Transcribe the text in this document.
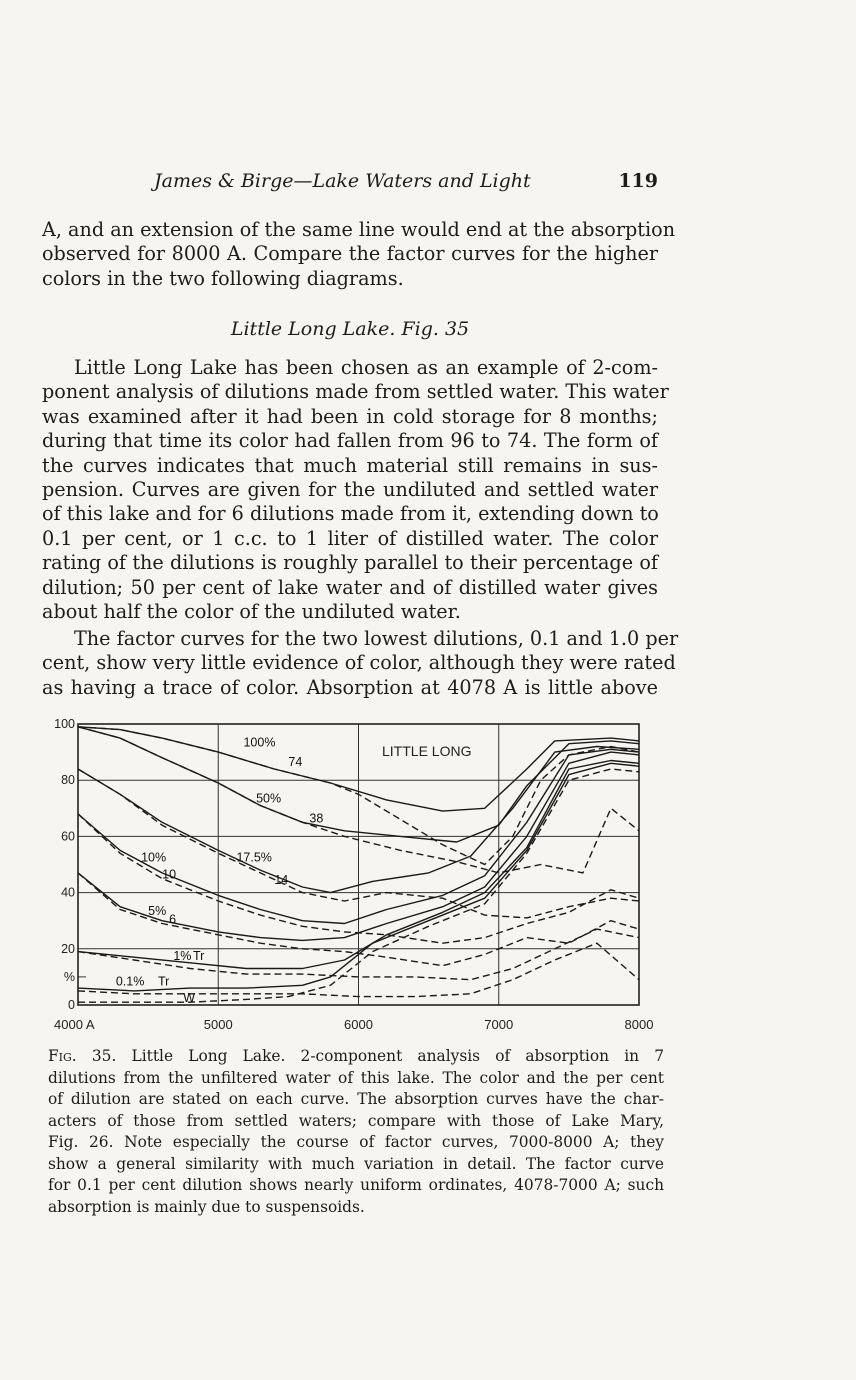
James & Birge—Lake Waters and Light	119

A, and an extension of the same line would end at the absorption
observed for 8000 A. Compare the factor curves for the higher
colors in the two following diagrams.

Little Long Lake. Fig. 35

Little Long Lake has been chosen as an example of 2-com-
ponent analysis of dilutions made from settled water. This water
was examined after it had been in cold storage for 8 months;
during that time its color had fallen from 96 to 74. The form of
the curves indicates that much material still remains in sus-
pension. Curves are given for the undiluted and settled water
of this lake and for 6 dilutions made from it, extending down to
0.1 per cent, or 1 c.c. to 1 liter of distilled water. The color
rating of the dilutions is roughly parallel to their percentage of
dilution; 50 per cent of lake water and of distilled water gives
about half the color of the undiluted water.

The factor curves for the two lowest dilutions, 0.1 and 1.0 per
cent, show very little evidence of color, although they were rated
as having a trace of color. Absorption at 4078 A is little above

100
80
60
40
20
%
0
4000 A	5000	6000	7000	8000
100%
74
50%
38
17.5%
14
10%
10
5%
6
1% Tr
0.1% Tr
W
LITTLE LONG

Fig. 35. Little Long Lake. 2-component analysis of absorption in 7
dilutions from the unfiltered water of this lake. The color and the per cent
of dilution are stated on each curve. The absorption curves have the char-
acters of those from settled waters; compare with those of Lake Mary,
Fig. 26. Note especially the course of factor curves, 7000-8000 A; they
show a general similarity with much variation in detail. The factor curve
for 0.1 per cent dilution shows nearly uniform ordinates, 4078-7000 A; such
absorption is mainly due to suspensoids.
